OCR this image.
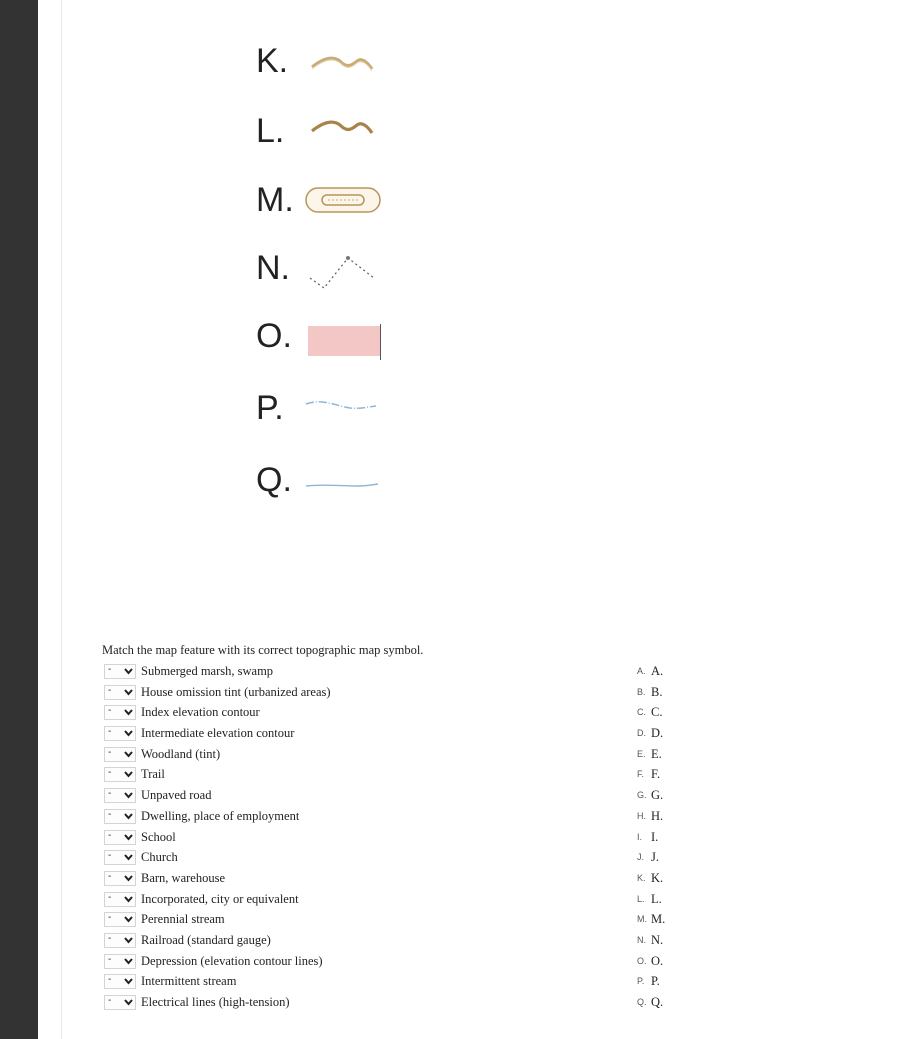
K.
L.
M.
N.
O.
P.
Q.
Match the map feature with its correct topographic map symbol.
- Submerged marsh, swamp	A. A.
- House omission tint (urbanized areas)	B. B.
- Index elevation contour	C. C.
- Intermediate elevation contour	D. D.
- Woodland (tint)	E. E.
- Trail	F. F.
- Unpaved road	G. G.
- Dwelling, place of employment	H. H.
- School	I. I.
- Church	J. J.
- Barn, warehouse	K. K.
- Incorporated, city or equivalent	L. L.
- Perennial stream	M. M.
- Railroad (standard gauge)	N. N.
- Depression (elevation contour lines)	O. O.
- Intermittent stream	P. P.
- Electrical lines (high-tension)	Q. Q.
